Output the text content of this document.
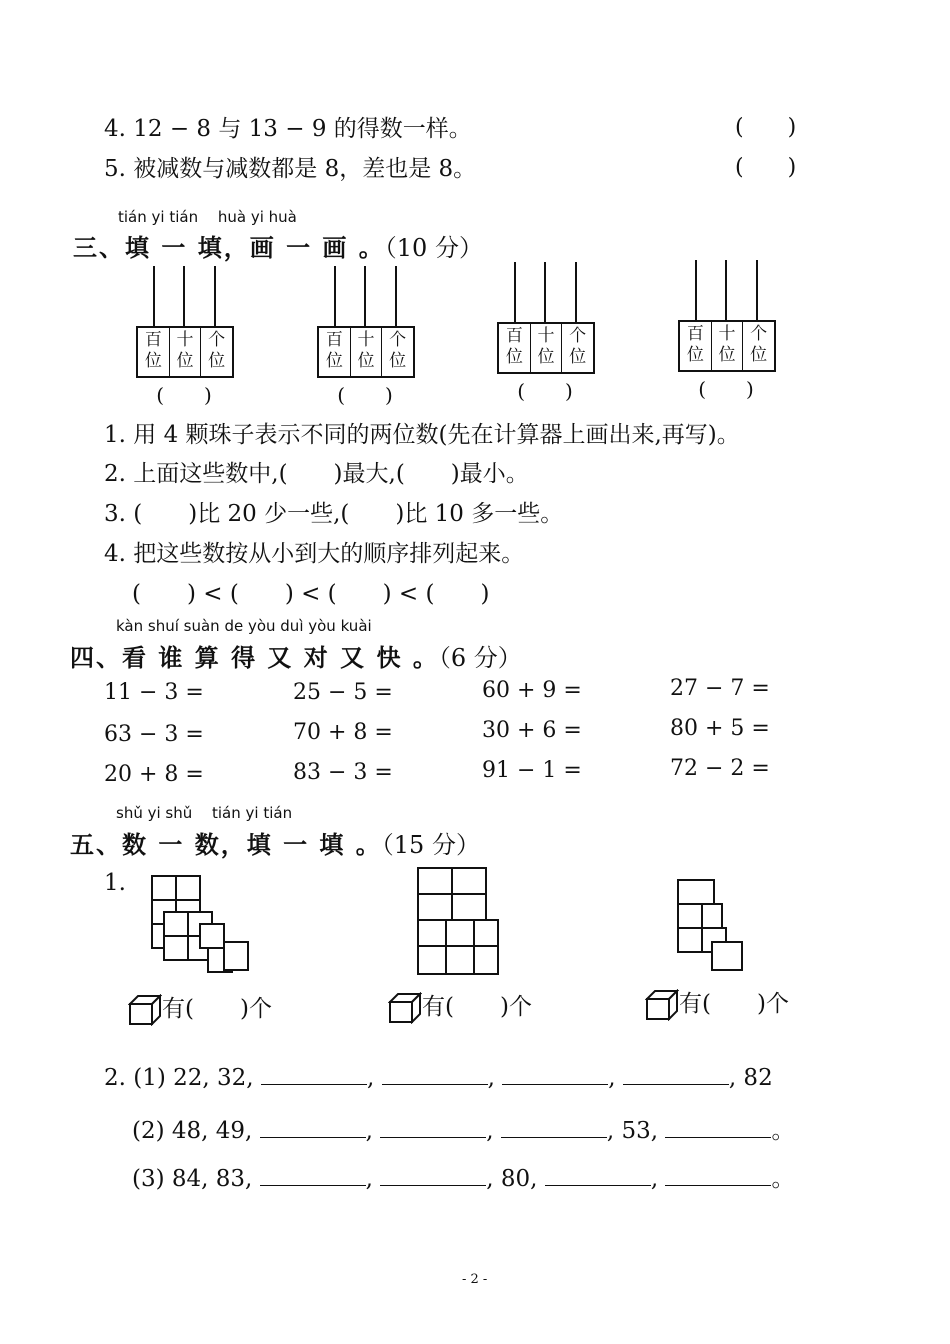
4. 12 − 8 与 13 − 9 的得数一样。	(　　)
5. 被减数与减数都是 8，差也是 8。	(　　)
tián yi tián　 huà yi huà
三、填 一 填，画 一 画 。（10 分）
百位
十位
个位
(　　)
百位
十位
个位
(　　)
百位
十位
个位
(　　)
百位
十位
个位
(　　)
1. 用 4 颗珠子表示不同的两位数(先在计算器上画出来,再写)。
2. 上面这些数中,(　　)最大,(　　)最小。
3. (　　)比 20 少一些,(　　)比 10 多一些。
4. 把这些数按从小到大的顺序排列起来。
(　　) < (　　) < (　　) < (　　)
kàn shuí suàn de yòu duì yòu kuài
四、看 谁 算 得 又 对 又 快 。（6 分）
11 − 3 =	25 − 5 =	60 + 9 =	27 − 7 =
63 − 3 =	70 + 8 =	30 + 6 =	80 + 5 =
20 + 8 =	83 − 3 =	91 − 1 =	72 − 2 =
shǔ yi shǔ　 tián yi tián
五、数 一 数，填 一 填 。（15 分）
1.
有(　　)个	有(　　)个	有(　　)个
2. (1) 22, 32,	,	,	,	, 82
(2) 48, 49,	,	,	, 53,	。
(3) 84, 83,	,	, 80,	,	。
- 2 -
